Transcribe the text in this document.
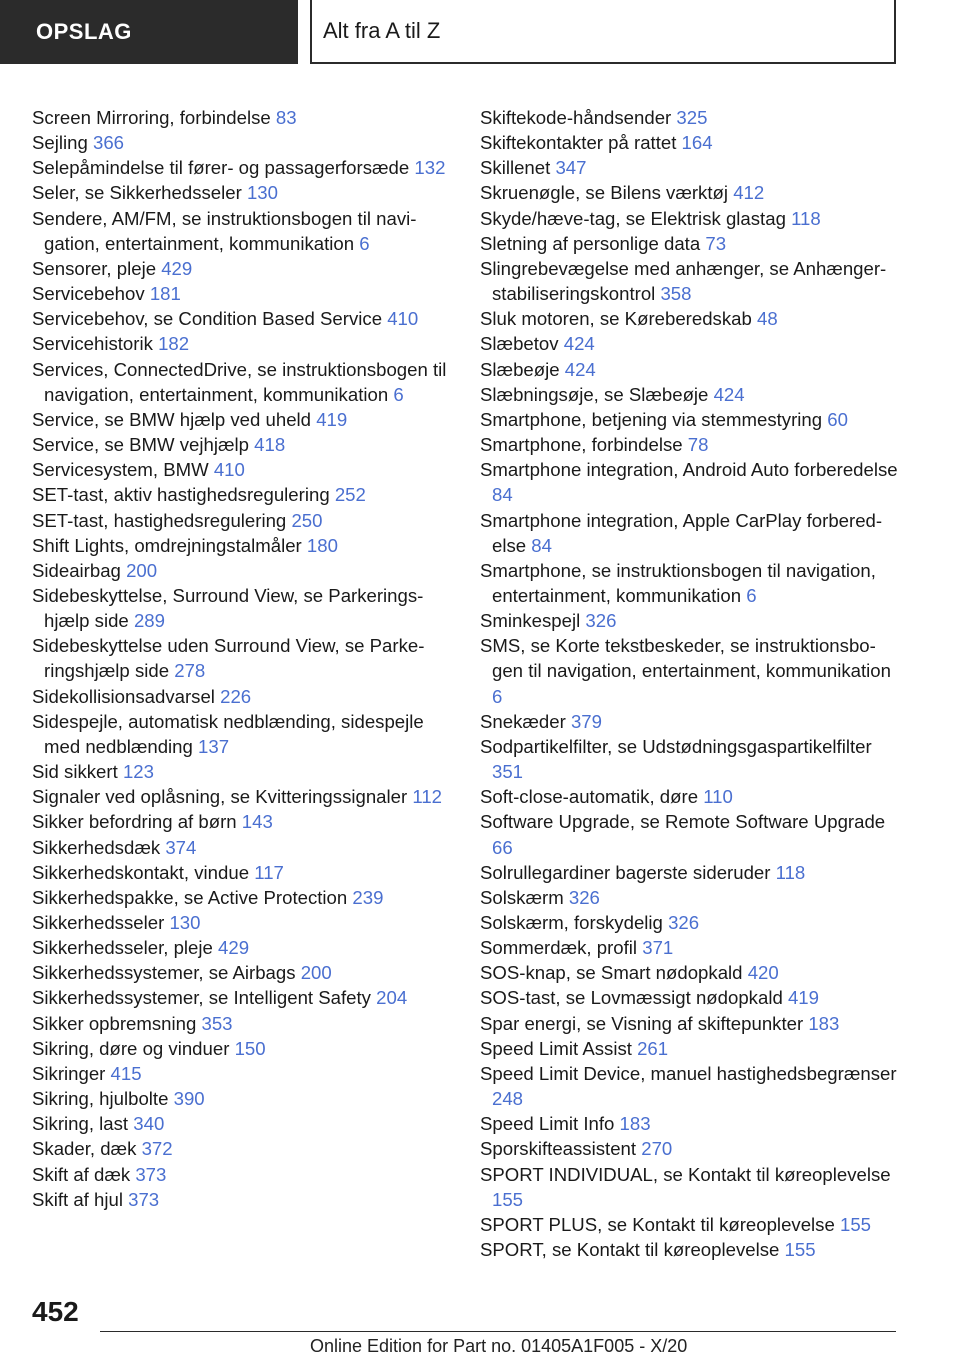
OPSLAG	Alt fra A til Z
Screen Mirroring, forbindelse 83
Sejling 366
Selepåmindelse til fører- og passagerforsæde 132
Seler, se Sikkerhedsseler 130
Sendere, AM/FM, se instruktionsbogen til navigation, entertainment, kommunikation 6
Sensorer, pleje 429
Servicebehov 181
Servicebehov, se Condition Based Service 410
Servicehistorik 182
Services, ConnectedDrive, se instruktionsbogen til navigation, entertainment, kommunikation 6
Service, se BMW hjælp ved uheld 419
Service, se BMW vejhjælp 418
Servicesystem, BMW 410
SET-tast, aktiv hastighedsregulering 252
SET-tast, hastighedsregulering 250
Shift Lights, omdrejningstalmåler 180
Sideairbag 200
Sidebeskyttelse, Surround View, se Parkeringshjælp side 289
Sidebeskyttelse uden Surround View, se Parkeringshjælp side 278
Sidekollisionsadvarsel 226
Sidespejle, automatisk nedblænding, sidespejle med nedblænding 137
Sid sikkert 123
Signaler ved oplåsning, se Kvitteringssignaler 112
Sikker befordring af børn 143
Sikkerhedsdæk 374
Sikkerhedskontakt, vindue 117
Sikkerhedspakke, se Active Protection 239
Sikkerhedsseler 130
Sikkerhedsseler, pleje 429
Sikkerhedssystemer, se Airbags 200
Sikkerhedssystemer, se Intelligent Safety 204
Sikker opbremsning 353
Sikring, døre og vinduer 150
Sikringer 415
Sikring, hjulbolte 390
Sikring, last 340
Skader, dæk 372
Skift af dæk 373
Skift af hjul 373
Skiftekode-håndsender 325
Skiftekontakter på rattet 164
Skillenet 347
Skruenøgle, se Bilens værktøj 412
Skyde/hæve-tag, se Elektrisk glastag 118
Sletning af personlige data 73
Slingrebevægelse med anhænger, se Anhænger-stabiliseringskontrol 358
Sluk motoren, se Køreberedskab 48
Slæbetov 424
Slæbeøje 424
Slæbningsøje, se Slæbeøje 424
Smartphone, betjening via stemmestyring 60
Smartphone, forbindelse 78
Smartphone integration, Android Auto forberedelse 84
Smartphone integration, Apple CarPlay forberedelse 84
Smartphone, se instruktionsbogen til navigation, entertainment, kommunikation 6
Sminkespejl 326
SMS, se Korte tekstbeskeder, se instruktionsbogen til navigation, entertainment, kommunikation 6
Snekæder 379
Sodpartikelfilter, se Udstødningsgaspartikelfilter 351
Soft-close-automatik, døre 110
Software Upgrade, se Remote Software Upgrade 66
Solrullegardiner bagerste sideruder 118
Solskærm 326
Solskærm, forskydelig 326
Sommerdæk, profil 371
SOS-knap, se Smart nødopkald 420
SOS-tast, se Lovmæssigt nødopkald 419
Spar energi, se Visning af skiftepunkter 183
Speed Limit Assist 261
Speed Limit Device, manuel hastighedsbegrænser 248
Speed Limit Info 183
Sporskifteassistent 270
SPORT INDIVIDUAL, se Kontakt til køreoplevelse 155
SPORT PLUS, se Kontakt til køreoplevelse 155
SPORT, se Kontakt til køreoplevelse 155
452
Online Edition for Part no. 01405A1F005 - X/20
